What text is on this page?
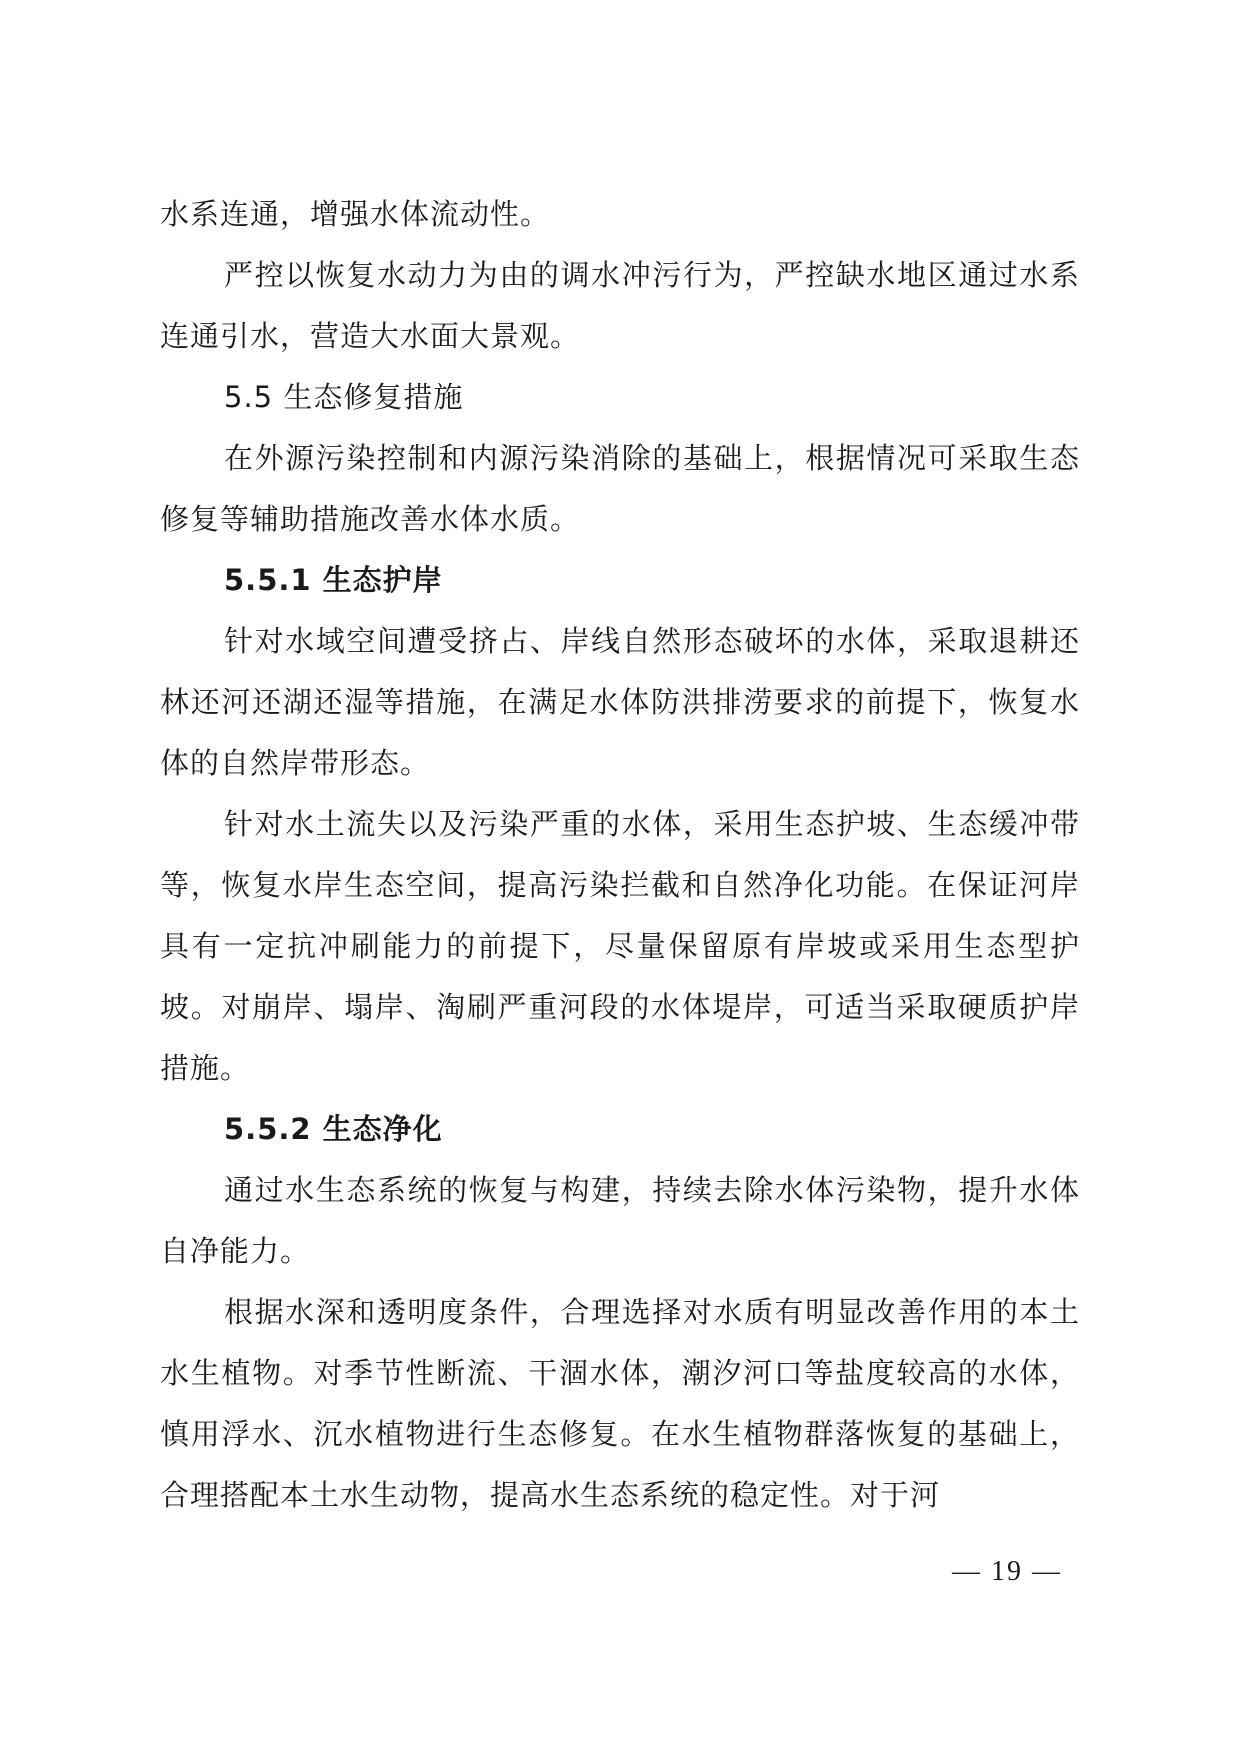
水系连通，增强水体流动性。

严控以恢复水动力为由的调水冲污行为，严控缺水地区通过水系连通引水，营造大水面大景观。

5.5 生态修复措施

在外源污染控制和内源污染消除的基础上，根据情况可采取生态修复等辅助措施改善水体水质。

5.5.1 生态护岸

针对水域空间遭受挤占、岸线自然形态破坏的水体，采取退耕还林还河还湖还湿等措施，在满足水体防洪排涝要求的前提下，恢复水体的自然岸带形态。

针对水土流失以及污染严重的水体，采用生态护坡、生态缓冲带等，恢复水岸生态空间，提高污染拦截和自然净化功能。在保证河岸具有一定抗冲刷能力的前提下，尽量保留原有岸坡或采用生态型护坡。对崩岸、塌岸、淘刷严重河段的水体堤岸，可适当采取硬质护岸措施。

5.5.2 生态净化

通过水生态系统的恢复与构建，持续去除水体污染物，提升水体自净能力。

根据水深和透明度条件，合理选择对水质有明显改善作用的本土水生植物。对季节性断流、干涸水体，潮汐河口等盐度较高的水体，慎用浮水、沉水植物进行生态修复。在水生植物群落恢复的基础上，合理搭配本土水生动物，提高水生态系统的稳定性。对于河

— 19 —
